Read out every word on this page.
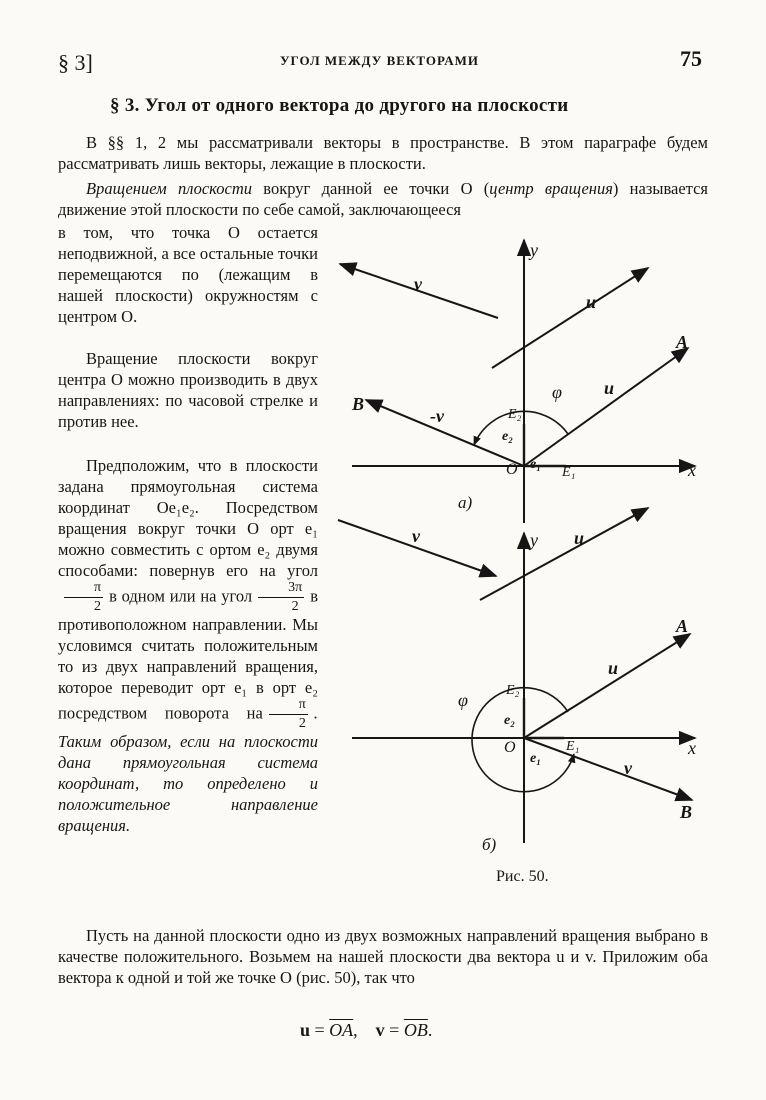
§ 3]	УГОЛ МЕЖДУ ВЕКТОРАМИ	75
§ 3. Угол от одного вектора до другого на плоскости
В §§ 1, 2 мы рассматривали векторы в пространстве. В этом параграфе будем рассматривать лишь векторы, лежащие в плоскости.
Вращением плоскости вокруг данной ее точки O (центр вращения) называется движение этой плоскости по себе самой, заключающееся
в том, что точка O остается неподвижной, а все остальные точки перемещаются по (лежащим в нашей плоскости) окружностям с центром O.
Вращение плоскости вокруг центра O можно производить в двух направлениях: по часовой стрелке и против нее.
Предположим, что в плоскости задана прямоугольная система координат Oe₁e₂. Посредством вращения вокруг точки O орт e₁ можно совместить с ортом e₂ двумя способами: повернув его на угол
$\frac{\pi}{2}$ в одном или на угол $\frac{3\pi}{2}$ в противоположном направлении. Мы условимся считать положительным то из двух направлений вращения, которое переводит орт e₁ в орт e₂ посредством поворота на $\frac{\pi}{2}$ . Таким образом, если на плоскости дана прямоугольная система координат, то определено и положительное направление вращения.
y
x
O
v
u
A
B
u
-v
φ
E₂
e₂
e₁
E₁
а)
y
x
O
v	u
A
B
u
v
φ	E₂
e₂
e₁
E₁
б)
Рис. 50.
Пусть на данной плоскости одно из двух возможных направлений вращения выбрано в качестве положительного. Возьмем на нашей плоскости два вектора u и v. Приложим оба вектора к одной и той же точке O (рис. 50), так что
$u = \overline{OA}$,    $v = \overline{OB}$.
